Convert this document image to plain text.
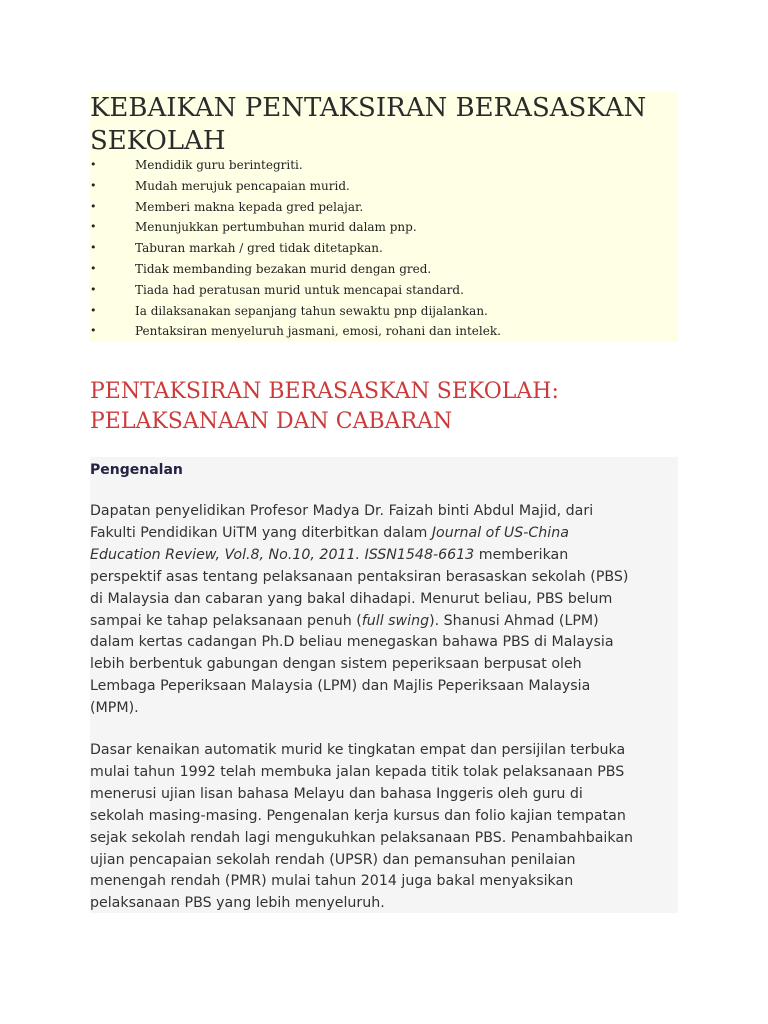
KEBAIKAN PENTAKSIRAN BERASASKAN
SEKOLAH
•	Mendidik guru berintegriti.
•	Mudah merujuk pencapaian murid.
•	Memberi makna kepada gred pelajar.
•	Menunjukkan pertumbuhan murid dalam pnp.
•	Taburan markah / gred tidak ditetapkan.
•	Tidak membanding bezakan murid dengan gred.
•	Tiada had peratusan murid untuk mencapai standard.
•	Ia dilaksanakan sepanjang tahun sewaktu pnp dijalankan.
•	Pentaksiran menyeluruh jasmani, emosi, rohani dan intelek.
PENTAKSIRAN BERASASKAN SEKOLAH:
PELAKSANAAN DAN CABARAN
Pengenalan

Dapatan penyelidikan Profesor Madya Dr. Faizah binti Abdul Majid, dari
Fakulti Pendidikan UiTM yang diterbitkan dalam Journal of US-China
Education Review, Vol.8, No.10, 2011. ISSN1548-6613 memberikan
perspektif asas tentang pelaksanaan pentaksiran berasaskan sekolah (PBS)
di Malaysia dan cabaran yang bakal dihadapi. Menurut beliau, PBS belum
sampai ke tahap pelaksanaan penuh (full swing). Shanusi Ahmad (LPM)
dalam kertas cadangan Ph.D beliau menegaskan bahawa PBS di Malaysia
lebih berbentuk gabungan dengan sistem peperiksaan berpusat oleh
Lembaga Peperiksaan Malaysia (LPM) dan Majlis Peperiksaan Malaysia
(MPM).

Dasar kenaikan automatik murid ke tingkatan empat dan persijilan terbuka
mulai tahun 1992 telah membuka jalan kepada titik tolak pelaksanaan PBS
menerusi ujian lisan bahasa Melayu dan bahasa Inggeris oleh guru di
sekolah masing-masing. Pengenalan kerja kursus dan folio kajian tempatan
sejak sekolah rendah lagi mengukuhkan pelaksanaan PBS. Penambahbaikan
ujian pencapaian sekolah rendah (UPSR) dan pemansuhan penilaian
menengah rendah (PMR) mulai tahun 2014 juga bakal menyaksikan
pelaksanaan PBS yang lebih menyeluruh.
